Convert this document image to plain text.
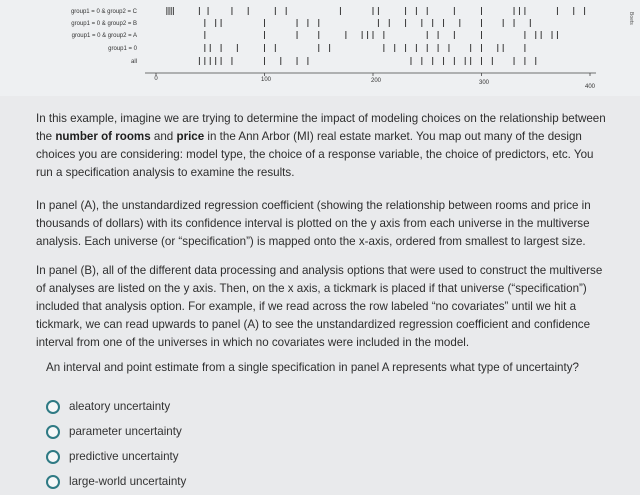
group1 = 0 & group2 = C
group1 = 0 & group2 = B
group1 = 0 & group2 = A
group1 = 0
all
0	100	200	300
400
Boets

In this example, imagine we are trying to determine the impact of modeling choices on the relationship between the number of rooms and price in the Ann Arbor (MI) real estate market. You map out many of the design choices you are considering: model type, the choice of a response variable, the choice of predictors, etc. You run a specification analysis to examine the results.

In panel (A), the unstandardized regression coefficient (showing the relationship between rooms and price in thousands of dollars) with its confidence interval is plotted on the y axis from each universe in the multiverse analysis. Each universe (or “specification”) is mapped onto the x-axis, ordered from smallest to largest size.

In panel (B), all of the different data processing and analysis options that were used to construct the multiverse of analyses are listed on the y axis. Then, on the x axis, a tickmark is placed if that universe (“specification”) included that analysis option. For example, if we read across the row labeled “no covariates” until we hit a tickmark, we can read upwards to panel (A) to see the unstandardized regression coefficient and confidence interval from one of the universes in which no covariates were included in the model.

An interval and point estimate from a single specification in panel A represents what type of uncertainty?

aleatory uncertainty
parameter uncertainty
predictive uncertainty
large-world uncertainty
